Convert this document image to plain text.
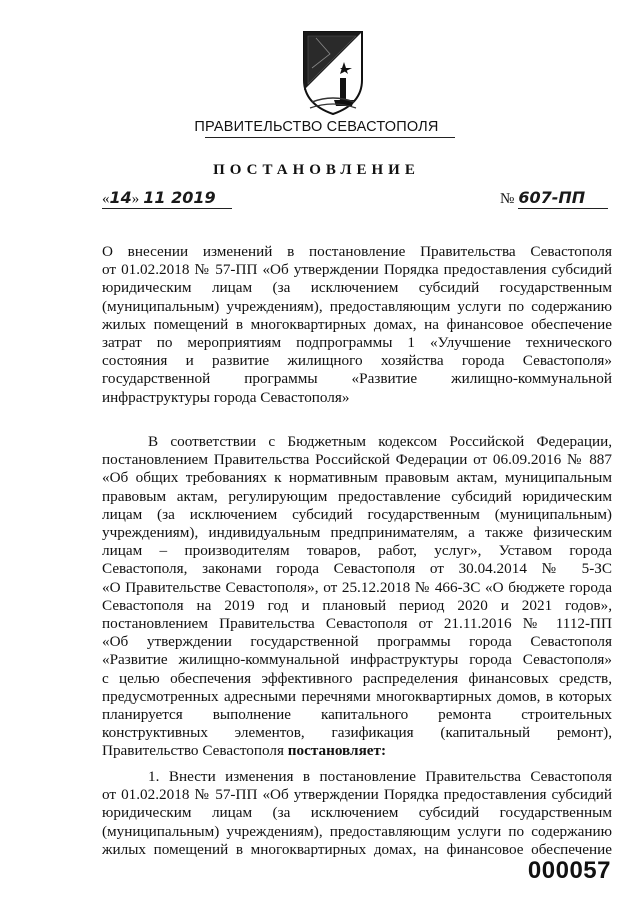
ПРАВИТЕЛЬСТВО СЕВАСТОПОЛЯ
ПОСТАНОВЛЕНИЕ
«14» 11 2019	№ 607-ПП
О внесении изменений в постановление Правительства Севастополя
от 01.02.2018 № 57-ПП «Об утверждении Порядка предоставления субсидий
юридическим лицам (за исключением субсидий государственным
(муниципальным) учреждениям), предоставляющим услуги по содержанию
жилых помещений в многоквартирных домах, на финансовое обеспечение
затрат по мероприятиям подпрограммы 1 «Улучшение технического
состояния и развитие жилищного хозяйства города Севастополя»
государственной программы «Развитие жилищно-коммунальной
инфраструктуры города Севастополя»
В соответствии с Бюджетным кодексом Российской Федерации,
постановлением Правительства Российской Федерации от 06.09.2016 № 887
«Об общих требованиях к нормативным правовым актам, муниципальным
правовым актам, регулирующим предоставление субсидий юридическим
лицам (за исключением субсидий государственным (муниципальным)
учреждениям), индивидуальным предпринимателям, а также физическим
лицам – производителям товаров, работ, услуг», Уставом города
Севастополя, законами города Севастополя от 30.04.2014 № 5-ЗС
«О Правительстве Севастополя», от 25.12.2018 № 466-ЗС «О бюджете города
Севастополя на 2019 год и плановый период 2020 и 2021 годов»,
постановлением Правительства Севастополя от 21.11.2016 № 1112-ПП
«Об утверждении государственной программы города Севастополя
«Развитие жилищно-коммунальной инфраструктуры города Севастополя»
с целью обеспечения эффективного распределения финансовых средств,
предусмотренных адресными перечнями многоквартирных домов, в которых
планируется выполнение капитального ремонта строительных
конструктивных элементов, газификация (капитальный ремонт),
Правительство Севастополя постановляет:
1. Внести изменения в постановление Правительства Севастополя
от 01.02.2018 № 57-ПП «Об утверждении Порядка предоставления субсидий
юридическим лицам (за исключением субсидий государственным
(муниципальным) учреждениям), предоставляющим услуги по содержанию
жилых помещений в многоквартирных домах, на финансовое обеспечение
000057
